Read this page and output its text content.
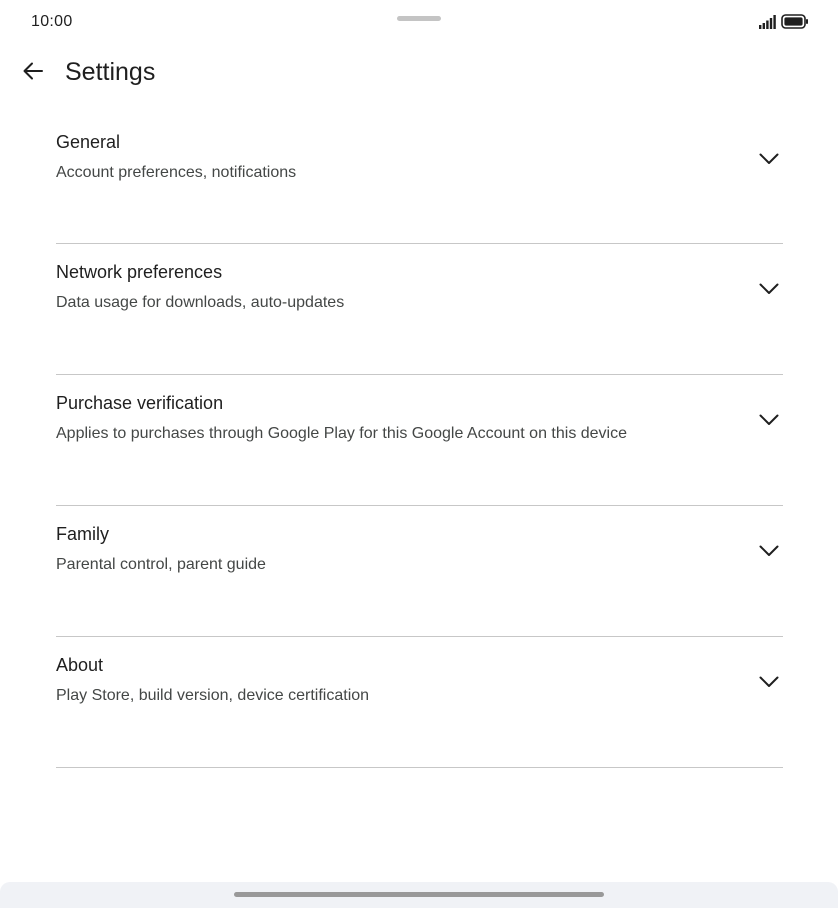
10:00
Settings
General
Account preferences, notifications
Network preferences
Data usage for downloads, auto-updates
Purchase verification
Applies to purchases through Google Play for this Google Account on this device
Family
Parental control, parent guide
About
Play Store, build version, device certification
